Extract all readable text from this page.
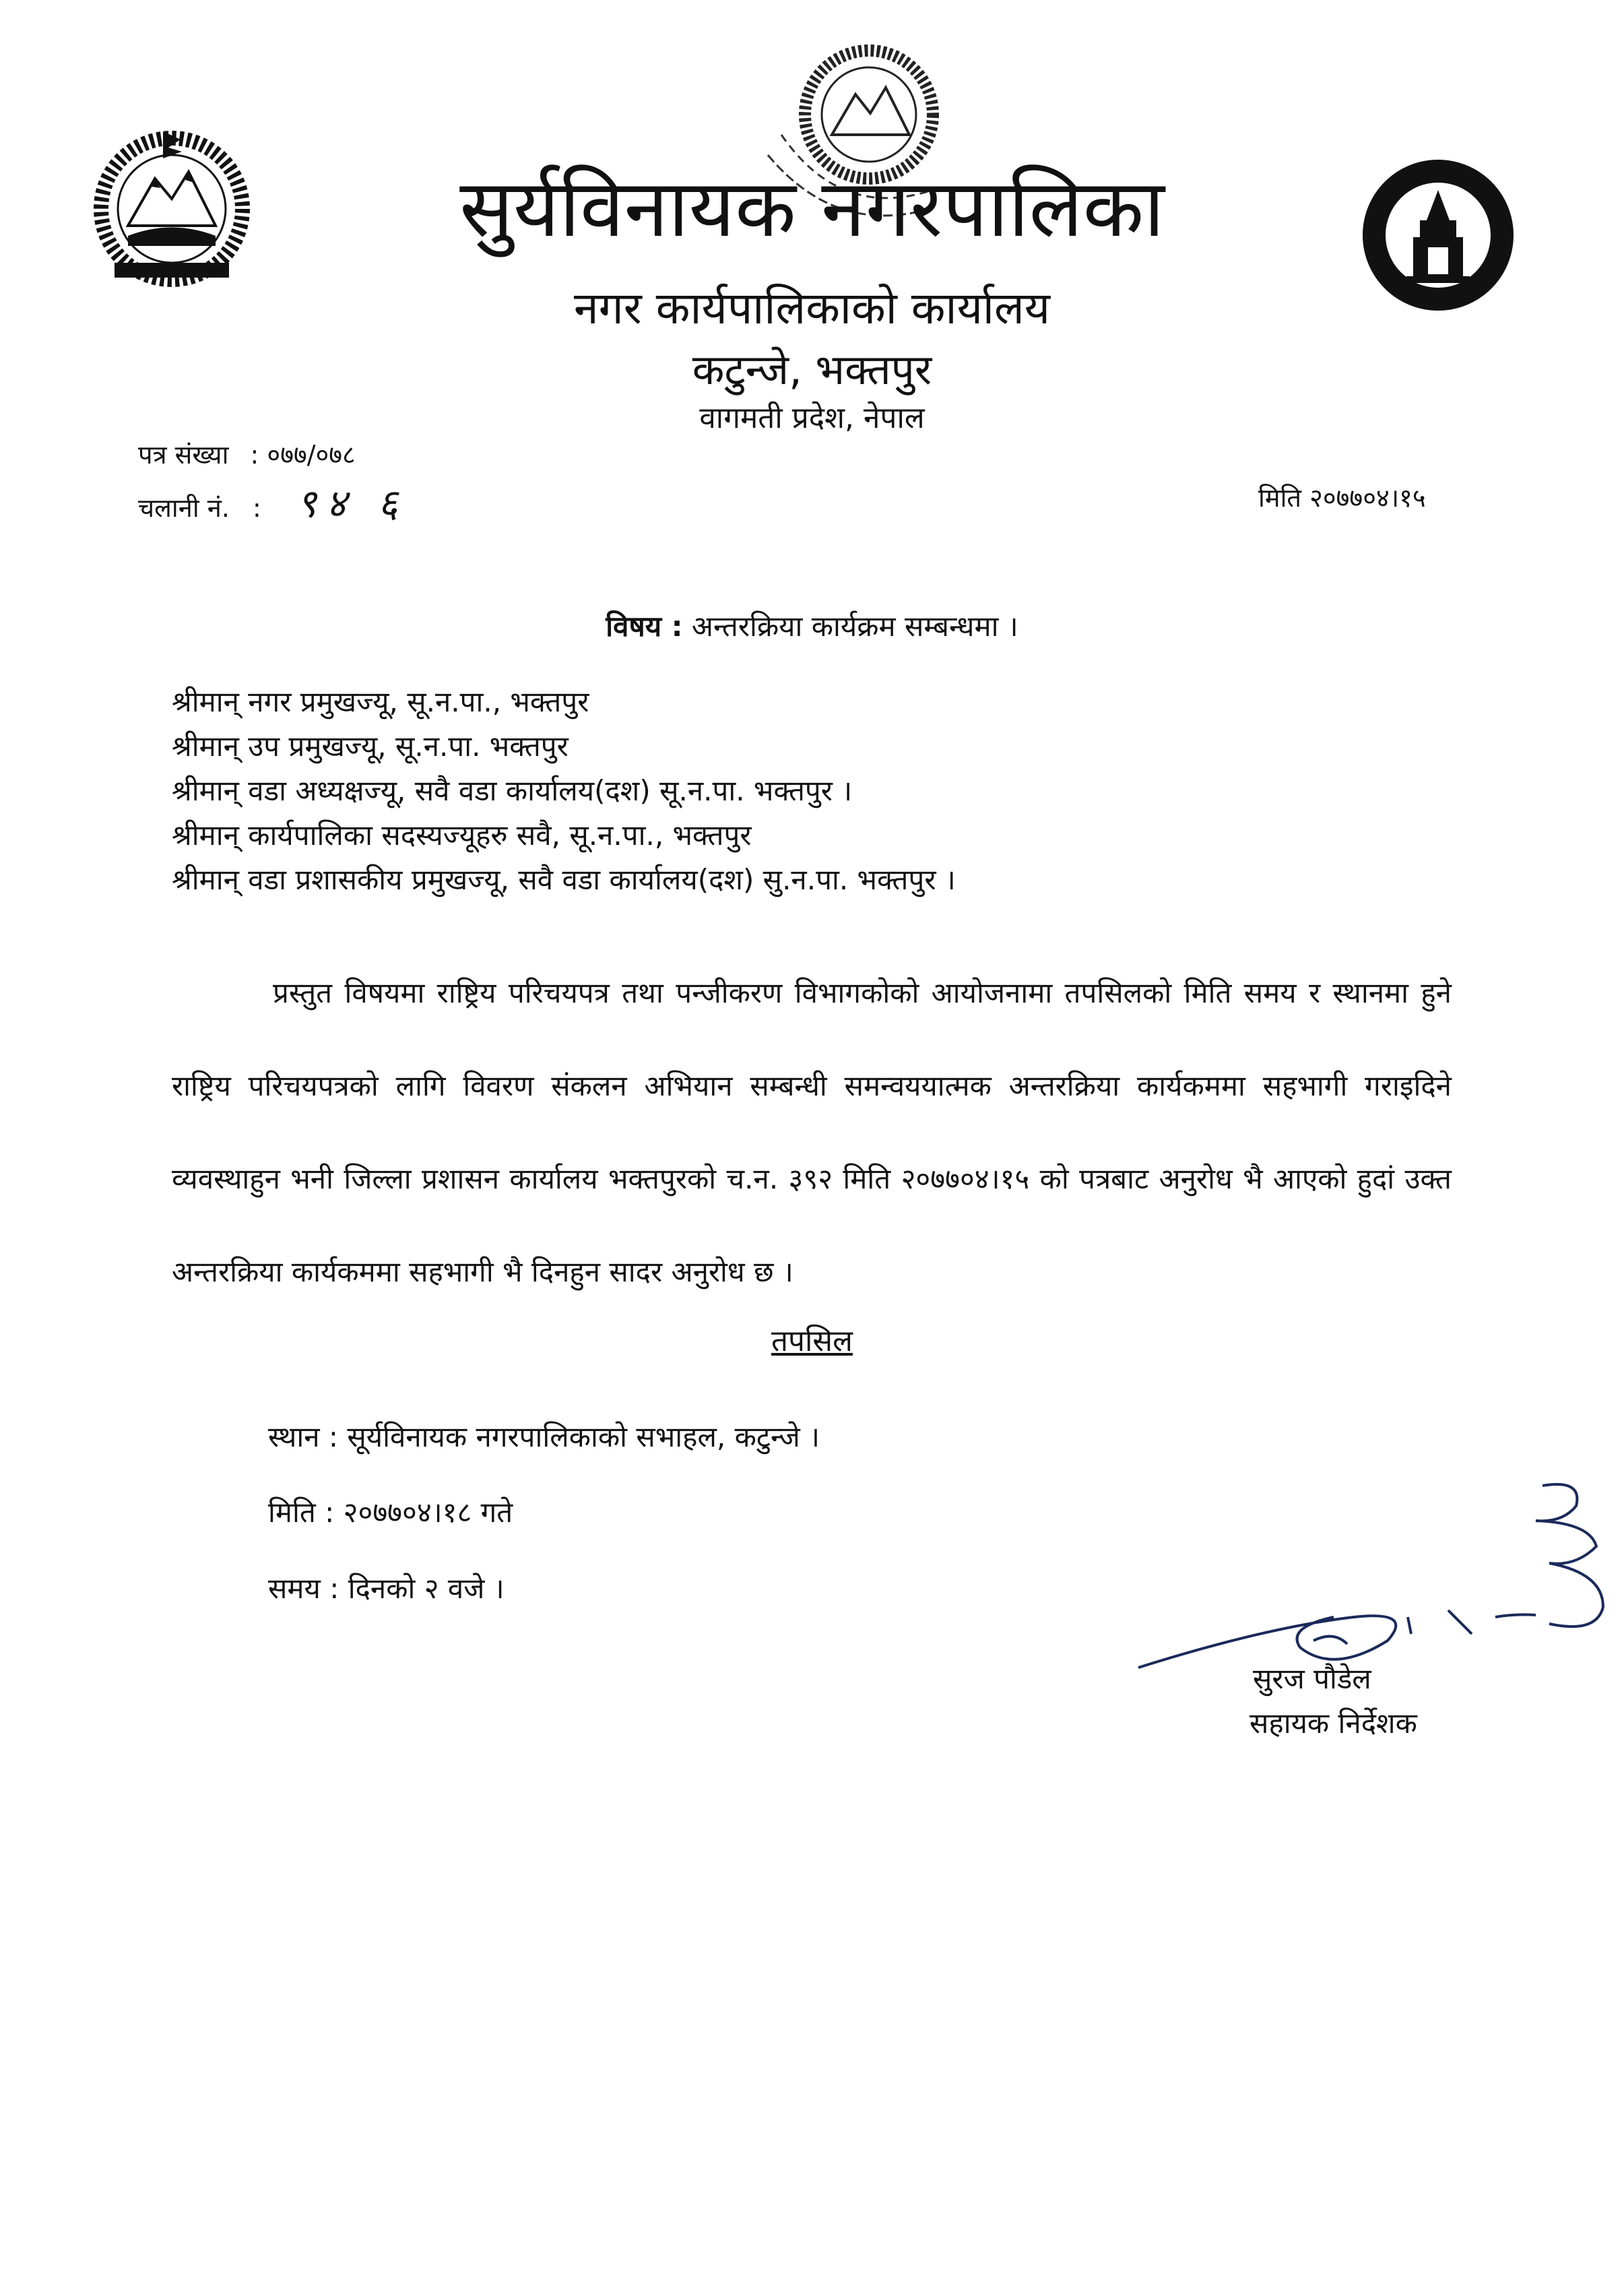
सुर्यविनायक नगरपालिका
नगर कार्यपालिकाको कार्यालय
कटुन्जे, भक्तपुर
वागमती प्रदेश, नेपाल
पत्र संख्या : ०७७/०७८
चलानी नं. : ९४ ६	मिति २०७७०४।१५
विषय : अन्तरक्रिया कार्यक्रम सम्बन्धमा ।
श्रीमान् नगर प्रमुखज्यू, सू.न.पा., भक्तपुर
श्रीमान् उप प्रमुखज्यू, सू.न.पा. भक्तपुर
श्रीमान् वडा अध्यक्षज्यू, सवै वडा कार्यालय(दश) सू.न.पा. भक्तपुर ।
श्रीमान् कार्यपालिका सदस्यज्यूहरु सवै, सू.न.पा., भक्तपुर
श्रीमान् वडा प्रशासकीय प्रमुखज्यू, सवै वडा कार्यालय(दश) सु.न.पा. भक्तपुर ।
प्रस्तुत विषयमा राष्ट्रिय परिचयपत्र तथा पन्जीकरण विभागकोको आयोजनामा तपसिलको मिति समय र स्थानमा हुने राष्ट्रिय परिचयपत्रको लागि विवरण संकलन अभियान सम्बन्धी समन्वययात्मक अन्तरक्रिया कार्यकममा सहभागी गराइदिने व्यवस्थाहुन भनी जिल्ला प्रशासन कार्यालय भक्तपुरको च.न. ३९२ मिति २०७७०४।१५ को पत्रबाट अनुरोध भै आएको हुदां उक्त अन्तरक्रिया कार्यकममा सहभागी भै दिनहुन सादर अनुरोध छ ।
तपसिल
स्थान : सूर्यविनायक नगरपालिकाको सभाहल, कटुन्जे ।
मिति : २०७७०४।१८ गते
समय : दिनको २ वजे ।
सुरज पौडेल
सहायक निर्देशक
